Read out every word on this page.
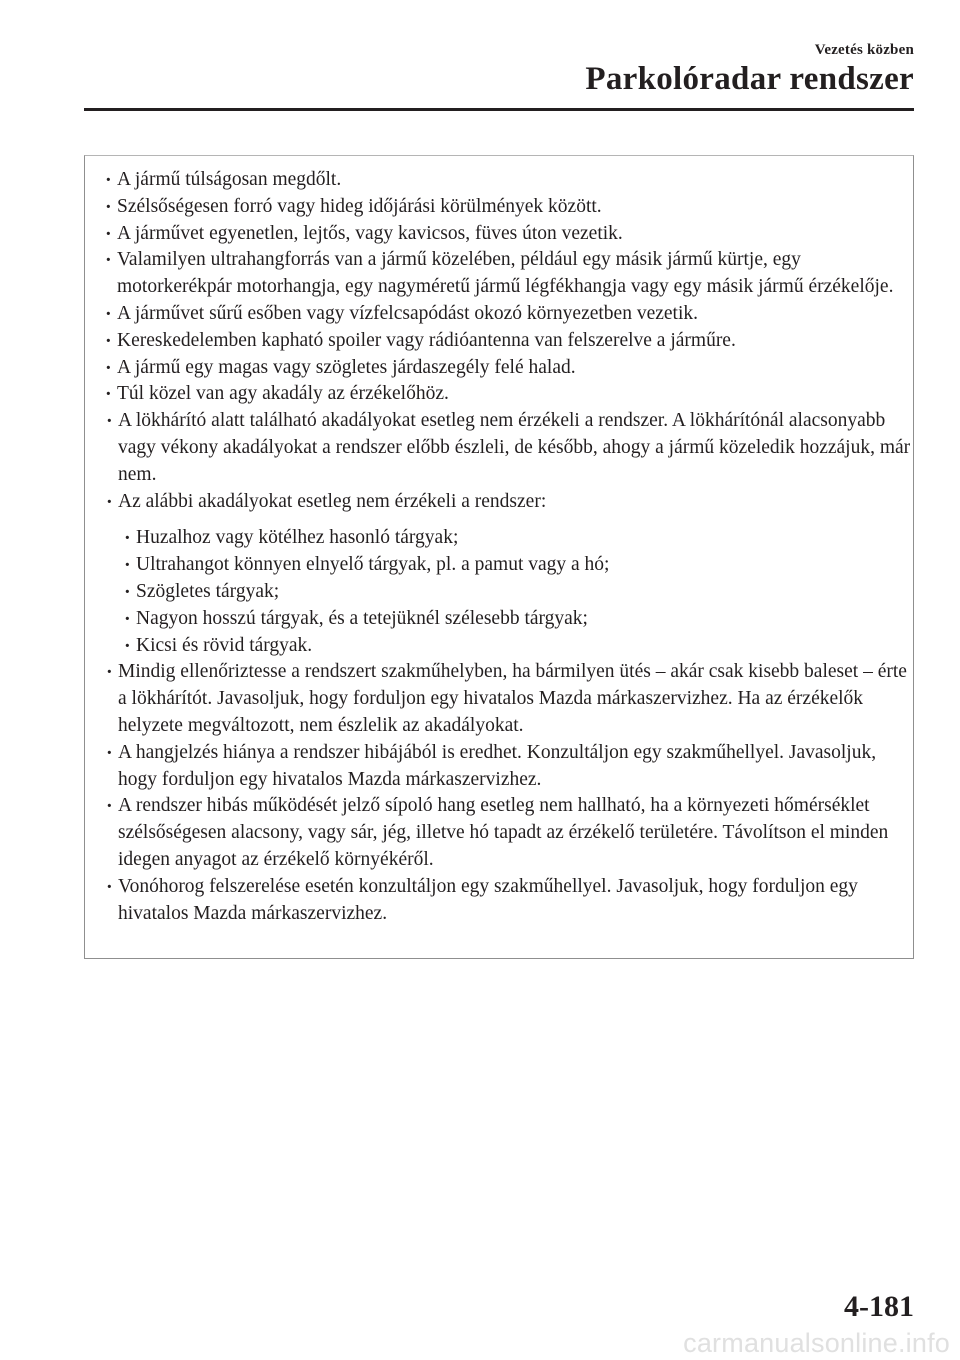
Vezetés közben
Parkolóradar rendszer
· A jármű túlságosan megdőlt.
· Szélsőségesen forró vagy hideg időjárási körülmények között.
· A járművet egyenetlen, lejtős, vagy kavicsos, füves úton vezetik.
· Valamilyen ultrahangforrás van a jármű közelében, például egy másik jármű kürtje, egy motorkerékpár motorhangja, egy nagyméretű jármű légfékhangja vagy egy másik jármű érzékelője.
· A járművet sűrű esőben vagy vízfelcsapódást okozó környezetben vezetik.
· Kereskedelemben kapható spoiler vagy rádióantenna van felszerelve a járműre.
· A jármű egy magas vagy szögletes járdaszegély felé halad.
· Túl közel van agy akadály az érzékelőhöz.
· A lökhárító alatt található akadályokat esetleg nem érzékeli a rendszer. A lökhárítónál alacsonyabb vagy vékony akadályokat a rendszer előbb észleli, de később, ahogy a jármű közeledik hozzájuk, már nem.
· Az alábbi akadályokat esetleg nem érzékeli a rendszer:
· Huzalhoz vagy kötélhez hasonló tárgyak;
· Ultrahangot könnyen elnyelő tárgyak, pl. a pamut vagy a hó;
· Szögletes tárgyak;
· Nagyon hosszú tárgyak, és a tetejüknél szélesebb tárgyak;
· Kicsi és rövid tárgyak.
· Mindig ellenőriztesse a rendszert szakműhelyben, ha bármilyen ütés – akár csak kisebb baleset – érte a lökhárítót. Javasoljuk, hogy forduljon egy hivatalos Mazda márkaszervizhez. Ha az érzékelők helyzete megváltozott, nem észlelik az akadályokat.
· A hangjelzés hiánya a rendszer hibájából is eredhet. Konzultáljon egy szakműhellyel. Javasoljuk, hogy forduljon egy hivatalos Mazda márkaszervizhez.
· A rendszer hibás működését jelző sípoló hang esetleg nem hallható, ha a környezeti hőmérséklet szélsőségesen alacsony, vagy sár, jég, illetve hó tapadt az érzékelő területére. Távolítson el minden idegen anyagot az érzékelő környékéről.
· Vonóhorog felszerelése esetén konzultáljon egy szakműhellyel. Javasoljuk, hogy forduljon egy hivatalos Mazda márkaszervizhez.
4-181
carmanualsonline.info
